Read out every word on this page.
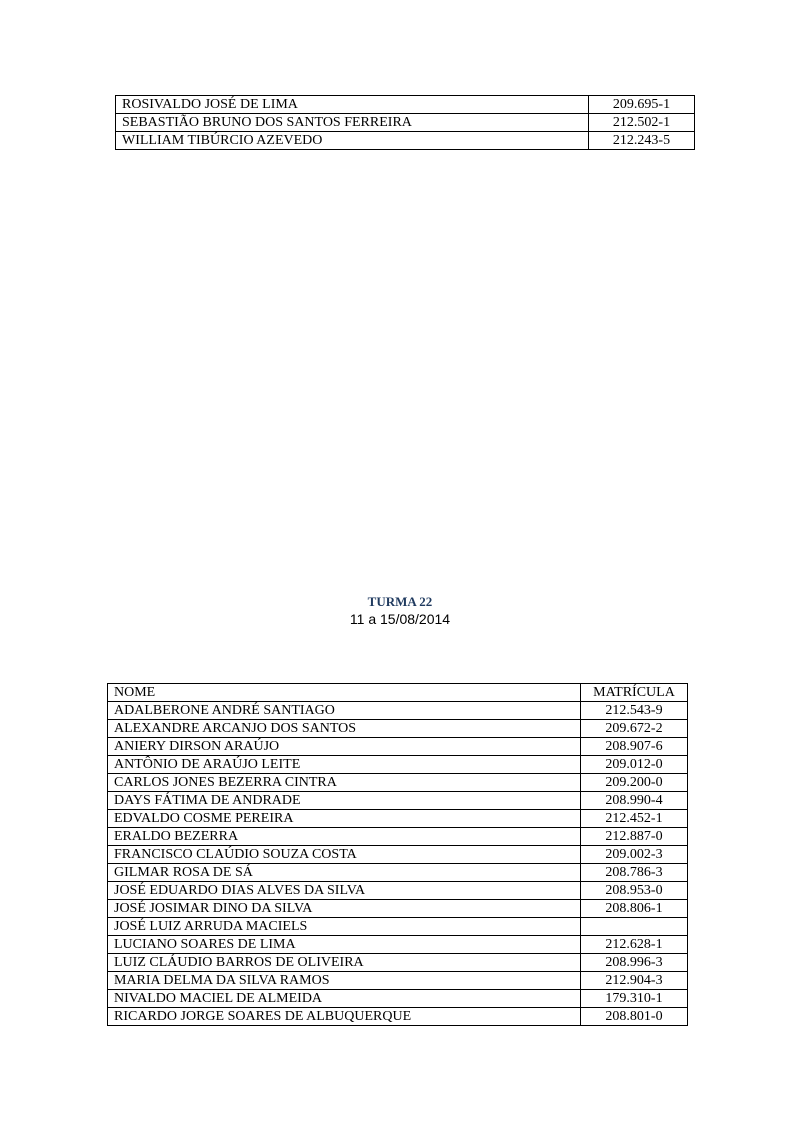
ROSIVALDO JOSÉ DE LIMA	209.695-1
SEBASTIÃO BRUNO DOS SANTOS FERREIRA	212.502-1
WILLIAM TIBÚRCIO AZEVEDO	212.243-5
TURMA 22
11 a 15/08/2014
NOME	MATRÍCULA
ADALBERONE ANDRÉ SANTIAGO	212.543-9
ALEXANDRE ARCANJO DOS SANTOS	209.672-2
ANIERY DIRSON ARAÚJO	208.907-6
ANTÔNIO DE ARAÚJO LEITE	209.012-0
CARLOS JONES BEZERRA CINTRA	209.200-0
DAYS FÁTIMA DE ANDRADE	208.990-4
EDVALDO COSME PEREIRA	212.452-1
ERALDO BEZERRA	212.887-0
FRANCISCO CLAÚDIO SOUZA COSTA	209.002-3
GILMAR ROSA DE SÁ	208.786-3
JOSÉ EDUARDO DIAS ALVES DA SILVA	208.953-0
JOSÉ JOSIMAR DINO DA SILVA	208.806-1
JOSÉ LUIZ ARRUDA MACIELS	
LUCIANO SOARES DE LIMA	212.628-1
LUIZ CLÁUDIO BARROS DE OLIVEIRA	208.996-3
MARIA DELMA DA SILVA RAMOS	212.904-3
NIVALDO MACIEL DE ALMEIDA	179.310-1
RICARDO JORGE SOARES DE ALBUQUERQUE	208.801-0
